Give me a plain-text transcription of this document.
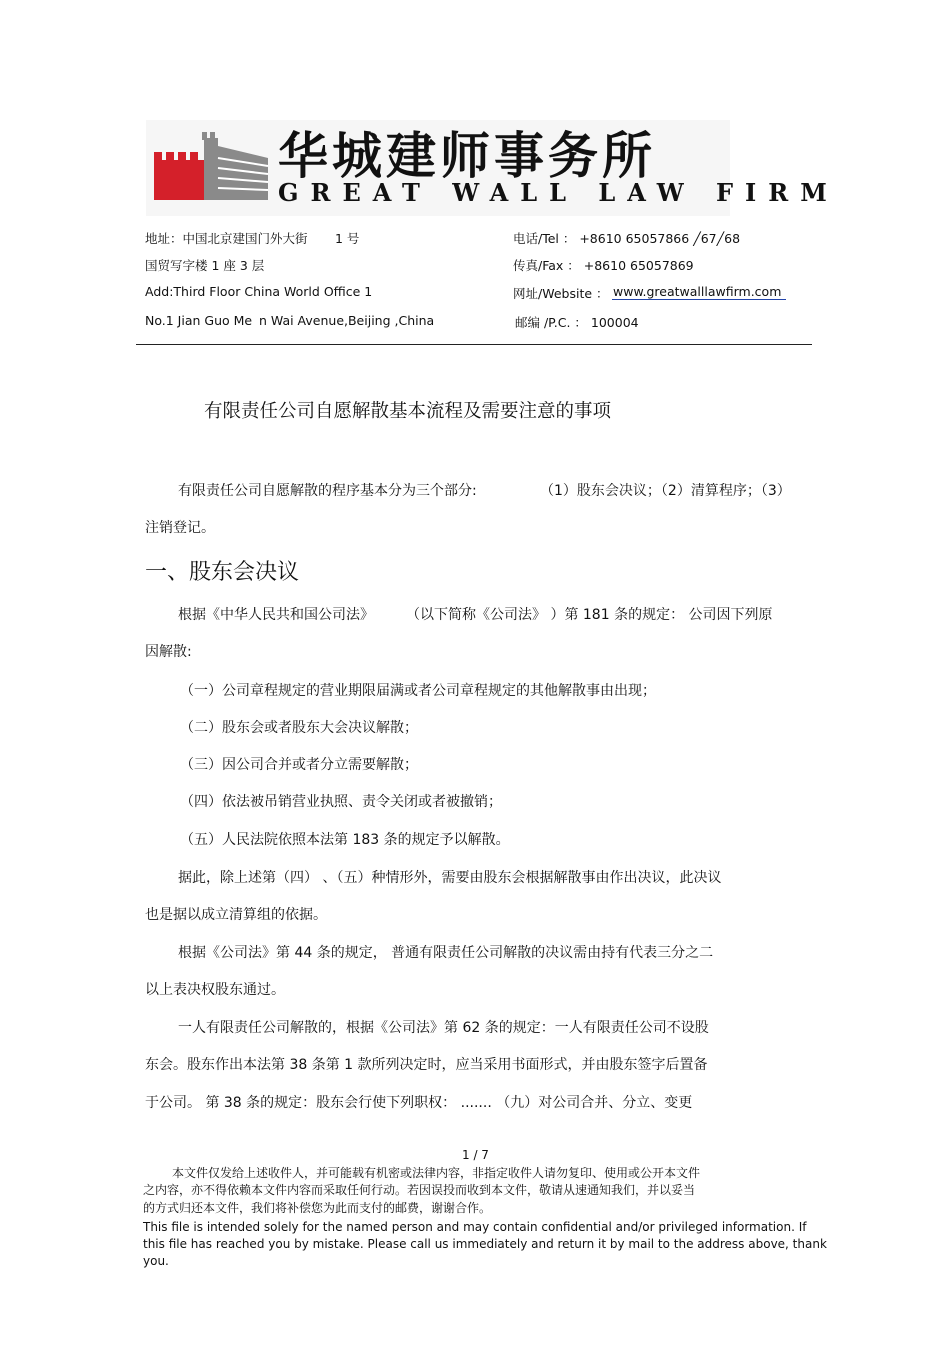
华城建师事务所
GREAT WALL LAW FIRM
地址：中国北京建国门外大街 1 号
国贸写字楼 1 座 3 层
Add:Third Floor China World Office 1
No.1 Jian Guo Me n Wai Avenue,Beijing ,China
电话/Tel ： +8610 65057866 ╱67╱68
传真/Fax ： +8610 65057869
网址/Website ： www.greatwalllawfirm.com
邮编 /P.C. ： 100004
有限责任公司自愿解散基本流程及需要注意的事项
有限责任公司自愿解散的程序基本分为三个部分:	（1）股东会决议；（2）清算程序；（3）
注销登记。
一、股东会决议
根据《中华人民共和国公司法》 （以下简称《公司法》 ）第 181 条的规定： 公司因下列原
因解散:
（一）公司章程规定的营业期限届满或者公司章程规定的其他解散事由出现；
（二）股东会或者股东大会决议解散；
（三）因公司合并或者分立需要解散；
（四）依法被吊销营业执照、责令关闭或者被撤销；
（五）人民法院依照本法第 183 条的规定予以解散。
据此，除上述第（四） 、（五）种情形外，需要由股东会根据解散事由作出决议，此决议
也是据以成立清算组的依据。
根据《公司法》第 44 条的规定， 普通有限责任公司解散的决议需由持有代表三分之二
以上表决权股东通过。
一人有限责任公司解散的，根据《公司法》第 62 条的规定：一人有限责任公司不设股
东会。股东作出本法第 38 条第 1 款所列决定时，应当采用书面形式，并由股东签字后置备
于公司。 第 38 条的规定：股东会行使下列职权： ....... （九）对公司合并、分立、变更
1 / 7
本文件仅发给上述收件人，并可能载有机密或法律内容，非指定收件人请勿复印、使用或公开本文件
之内容，亦不得依赖本文件内容而采取任何行动。若因误投而收到本文件，敬请从速通知我们，并以妥当
的方式归还本文件，我们将补偿您为此而支付的邮费，谢谢合作。
This file is intended solely for the named person and may contain confidential and/or privileged information. If
this file has reached you by mistake. Please call us immediately and return it by mail to the address above, thank
you.
